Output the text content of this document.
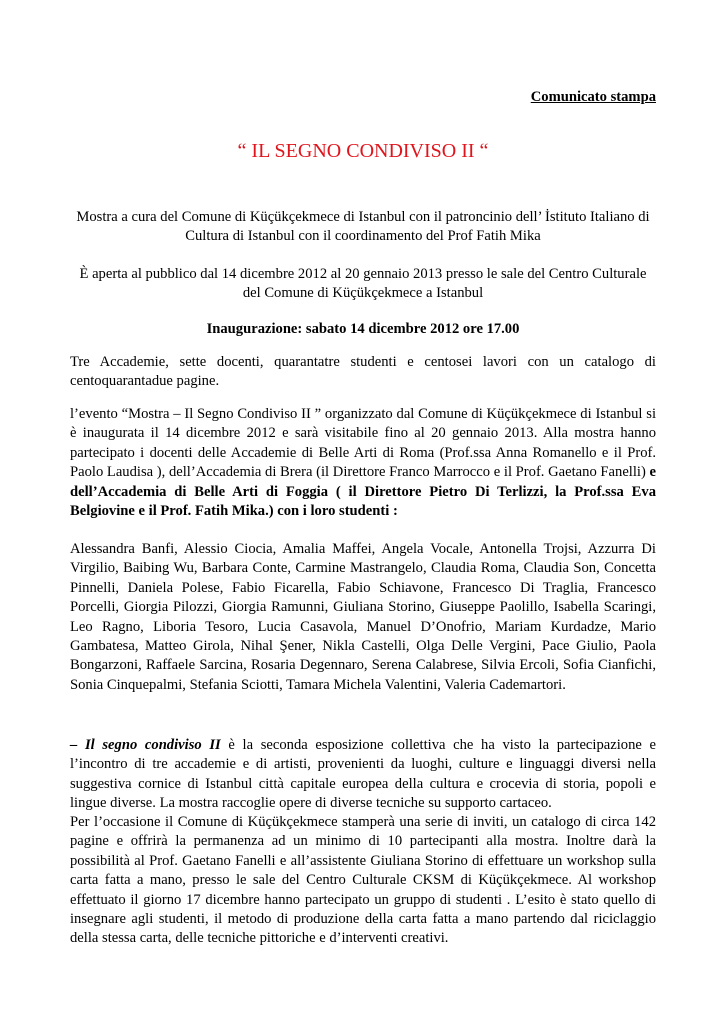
Comunicato stampa

“ IL SEGNO CONDIVISO II “

Mostra a cura del Comune di Küçükçekmece di Istanbul con il patroncinio dell’ İstituto Italiano di Cultura di Istanbul con il coordinamento del Prof Fatih Mika

È aperta al pubblico dal 14 dicembre 2012 al 20 gennaio 2013 presso le sale del Centro Culturale del Comune di Küçükçekmece a Istanbul

Inaugurazione: sabato 14 dicembre 2012 ore 17.00

Tre Accademie, sette docenti, quarantatre studenti e centosei lavori con un catalogo di centoquarantadue pagine.

l’evento “Mostra – Il Segno Condiviso II ” organizzato dal Comune di Küçükçekmece di Istanbul si è inaugurata il 14 dicembre 2012 e sarà visitabile fino al 20 gennaio 2013. Alla mostra hanno partecipato i docenti delle Accademie di Belle Arti di Roma (Prof.ssa Anna Romanello e il Prof. Paolo Laudisa ), dell’Accademia di Brera (il Direttore Franco Marrocco e il Prof. Gaetano Fanelli) e dell’Accademia di Belle Arti di Foggia ( il Direttore Pietro Di Terlizzi, la Prof.ssa Eva Belgiovine e il Prof. Fatih Mika.) con i loro studenti :

Alessandra Banfi, Alessio Ciocia, Amalia Maffei, Angela Vocale, Antonella Trojsi, Azzurra Di Virgilio, Baibing Wu, Barbara Conte, Carmine Mastrangelo, Claudia Roma, Claudia Son, Concetta Pinnelli, Daniela Polese, Fabio Ficarella, Fabio Schiavone, Francesco Di Traglia, Francesco Porcelli, Giorgia Pilozzi, Giorgia Ramunni, Giuliana Storino, Giuseppe Paolillo, Isabella Scaringi, Leo Ragno, Liboria Tesoro, Lucia Casavola, Manuel D’Onofrio, Mariam Kurdadze, Mario Gambatesa, Matteo Girola, Nihal Şener, Nikla Castelli, Olga Delle Vergini, Pace Giulio, Paola Bongarzoni, Raffaele Sarcina, Rosaria Degennaro, Serena Calabrese, Silvia Ercoli, Sofia Cianfichi, Sonia Cinquepalmi, Stefania Sciotti, Tamara Michela Valentini, Valeria Cademartori.

– Il segno condiviso II è la seconda esposizione collettiva che ha visto la partecipazione e l’incontro di tre accademie e di artisti, provenienti da luoghi, culture e linguaggi diversi nella suggestiva cornice di Istanbul città capitale europea della cultura e crocevia di storia, popoli e lingue diverse. La mostra raccoglie opere di diverse tecniche su supporto cartaceo.

Per l’occasione il Comune di Küçükçekmece stamperà una serie di inviti, un catalogo di circa 142 pagine e offrirà la permanenza ad un minimo di 10 partecipanti alla mostra. Inoltre darà la possibilità al Prof. Gaetano Fanelli e all’assistente Giuliana Storino di effettuare un workshop sulla carta fatta a mano, presso le sale del Centro Culturale CKSM di Küçükçekmece. Al workshop effettuato il giorno 17 dicembre hanno partecipato un gruppo di studenti . L’esito è stato quello di insegnare agli studenti, il metodo di produzione della carta fatta a mano partendo dal riciclaggio della stessa carta, delle tecniche pittoriche e d’interventi creativi.
